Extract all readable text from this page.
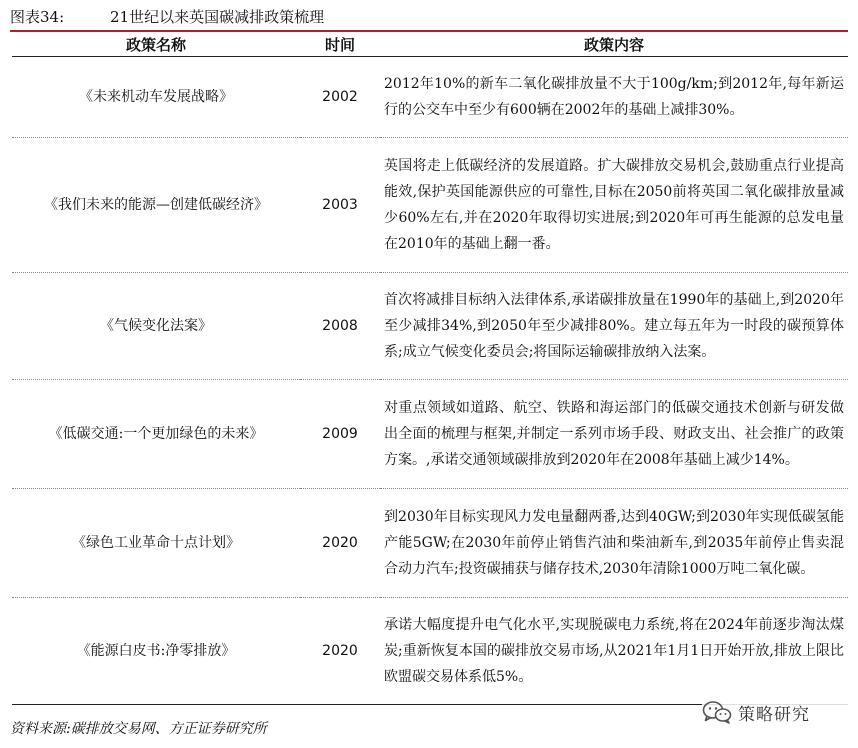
图表34:	21世纪以来英国碳减排政策梳理
政策名称	时间	政策内容
《未来机动车发展战略》	2002	2012年10%的新车二氧化碳排放量不大于100g/km;到2012年,每年新运行的公交车中至少有600辆在2002年的基础上减排30%。
《我们未来的能源—创建低碳经济》	2003	英国将走上低碳经济的发展道路。扩大碳排放交易机会,鼓励重点行业提高能效,保护英国能源供应的可靠性,目标在2050前将英国二氧化碳排放量减少60%左右,并在2020年取得切实进展;到2020年可再生能源的总发电量在2010年的基础上翻一番。
《气候变化法案》	2008	首次将减排目标纳入法律体系,承诺碳排放量在1990年的基础上,到2020年至少减排34%,到2050年至少减排80%。建立每五年为一时段的碳预算体系;成立气候变化委员会;将国际运输碳排放纳入法案。
《低碳交通:一个更加绿色的未来》	2009	对重点领域如道路、航空、铁路和海运部门的低碳交通技术创新与研发做出全面的梳理与框架,并制定一系列市场手段、财政支出、社会推广的政策方案。,承诺交通领域碳排放到2020年在2008年基础上减少14%。
《绿色工业革命十点计划》	2020	到2030年目标实现风力发电量翻两番,达到40GW;到2030年实现低碳氢能产能5GW;在2030年前停止销售汽油和柴油新车,到2035年前停止售卖混合动力汽车;投资碳捕获与储存技术,2030年清除1000万吨二氧化碳。
《能源白皮书:净零排放》	2020	承诺大幅度提升电气化水平,实现脱碳电力系统,将在2024年前逐步淘汰煤炭;重新恢复本国的碳排放交易市场,从2021年1月1日开始开放,排放上限比欧盟碳交易体系低5%。
资料来源:碳排放交易网、方正证券研究所
策略研究
